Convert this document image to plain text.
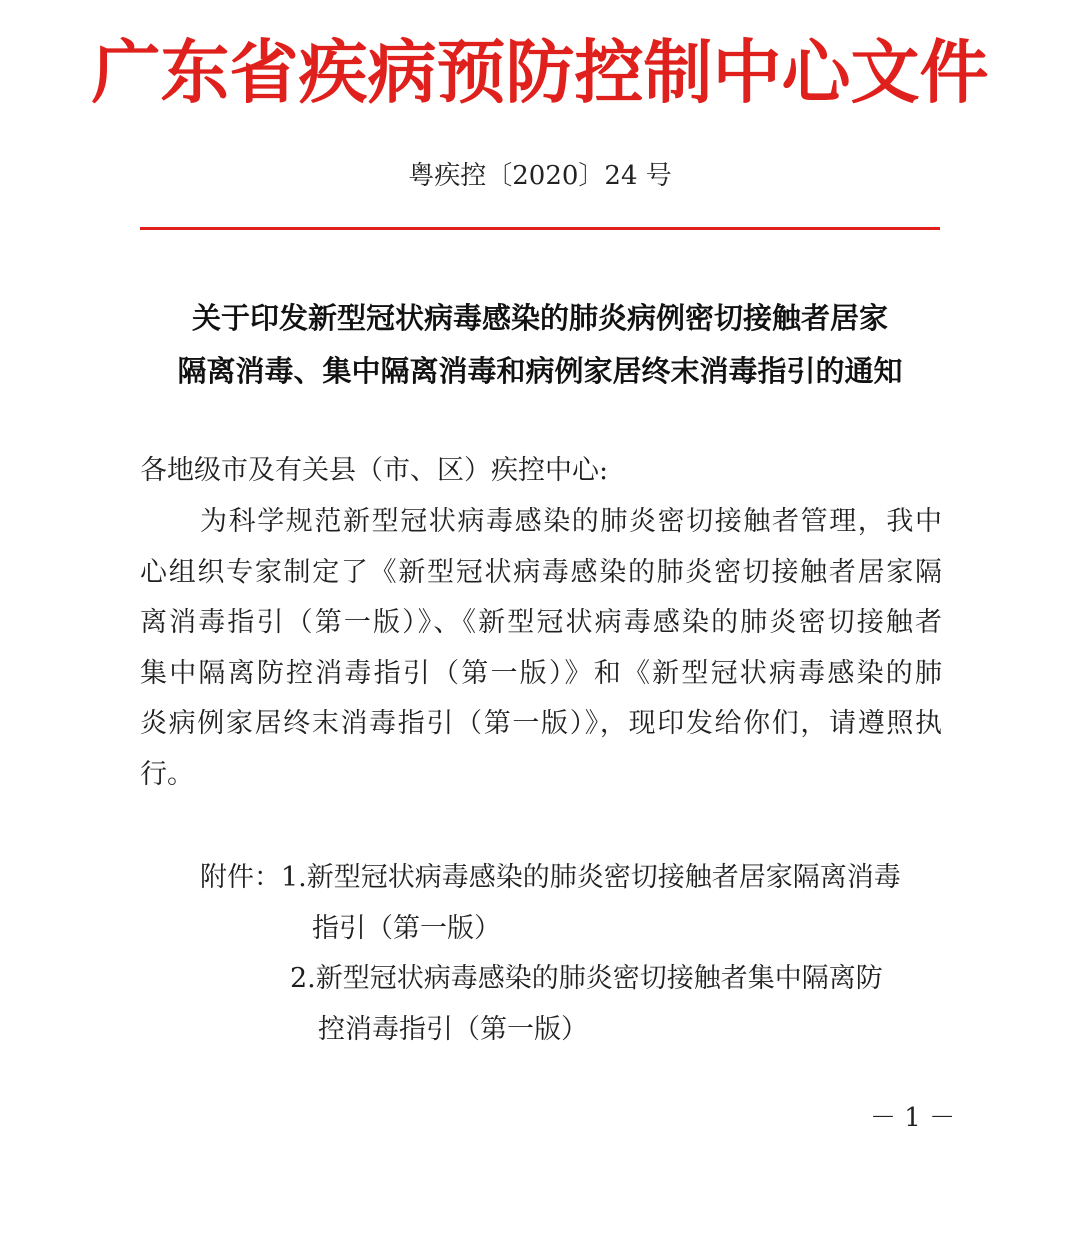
广东省疾病预防控制中心文件
粤疾控〔2020〕24 号
关于印发新型冠状病毒感染的肺炎病例密切接触者居家
隔离消毒、集中隔离消毒和病例家居终末消毒指引的通知
各地级市及有关县（市、区）疾控中心:
为科学规范新型冠状病毒感染的肺炎密切接触者管理，我中
心组织专家制定了《新型冠状病毒感染的肺炎密切接触者居家隔
离消毒指引（第一版）》、《新型冠状病毒感染的肺炎密切接触者
集中隔离防控消毒指引（第一版）》和《新型冠状病毒感染的肺
炎病例家居终末消毒指引（第一版）》，现印发给你们，请遵照执
行。
附件：1.新型冠状病毒感染的肺炎密切接触者居家隔离消毒
指引（第一版）
2.新型冠状病毒感染的肺炎密切接触者集中隔离防
控消毒指引（第一版）
－ 1 －
